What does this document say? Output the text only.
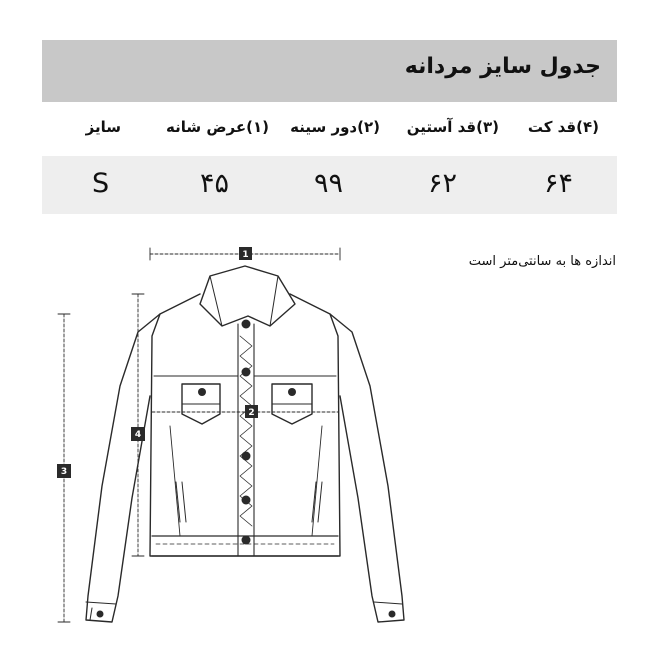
جدول سایز مردانه
(۴)قد کت
(۳)قد آستین
(۲)دور سینه
(۱)عرض شانه
سایز
۶۴
۶۲
۹۹
۴۵
S
اندازه ها به سانتی‌متر است
1
2
3
4
